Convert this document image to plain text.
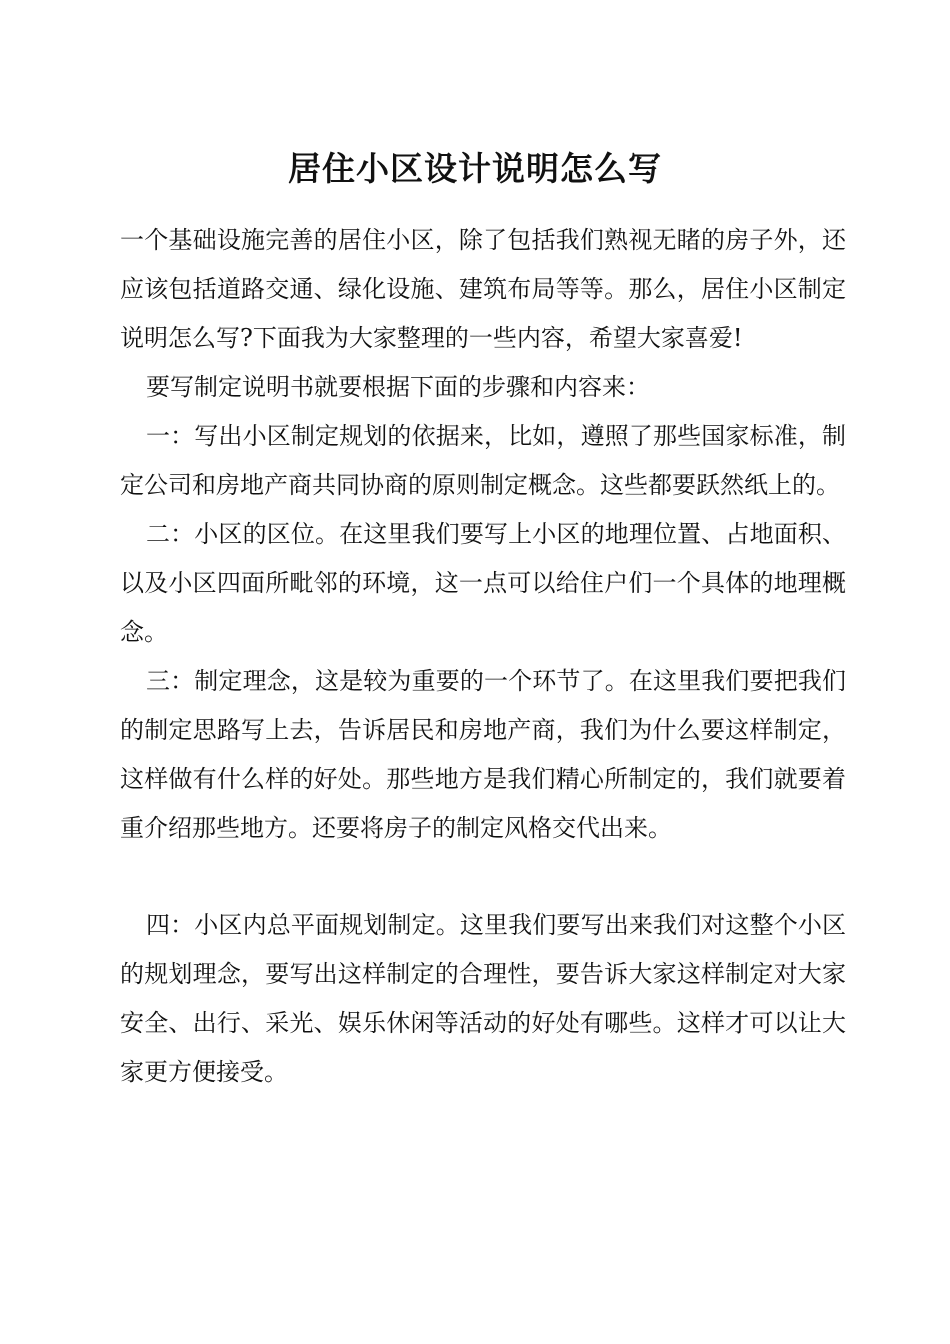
居住小区设计说明怎么写

一个基础设施完善的居住小区，除了包括我们熟视无睹的房子外，还应该包括道路交通、绿化设施、建筑布局等等。那么，居住小区制定说明怎么写?下面我为大家整理的一些内容，希望大家喜爱!

要写制定说明书就要根据下面的步骤和内容来：

一：写出小区制定规划的依据来，比如，遵照了那些国家标准，制定公司和房地产商共同协商的原则制定概念。这些都要跃然纸上的。

二：小区的区位。在这里我们要写上小区的地理位置、占地面积、以及小区四面所毗邻的环境，这一点可以给住户们一个具体的地理概念。

三：制定理念，这是较为重要的一个环节了。在这里我们要把我们的制定思路写上去，告诉居民和房地产商，我们为什么要这样制定，这样做有什么样的好处。那些地方是我们精心所制定的，我们就要着重介绍那些地方。还要将房子的制定风格交代出来。

四：小区内总平面规划制定。这里我们要写出来我们对这整个小区的规划理念，要写出这样制定的合理性，要告诉大家这样制定对大家安全、出行、采光、娱乐休闲等活动的好处有哪些。这样才可以让大家更方便接受。
